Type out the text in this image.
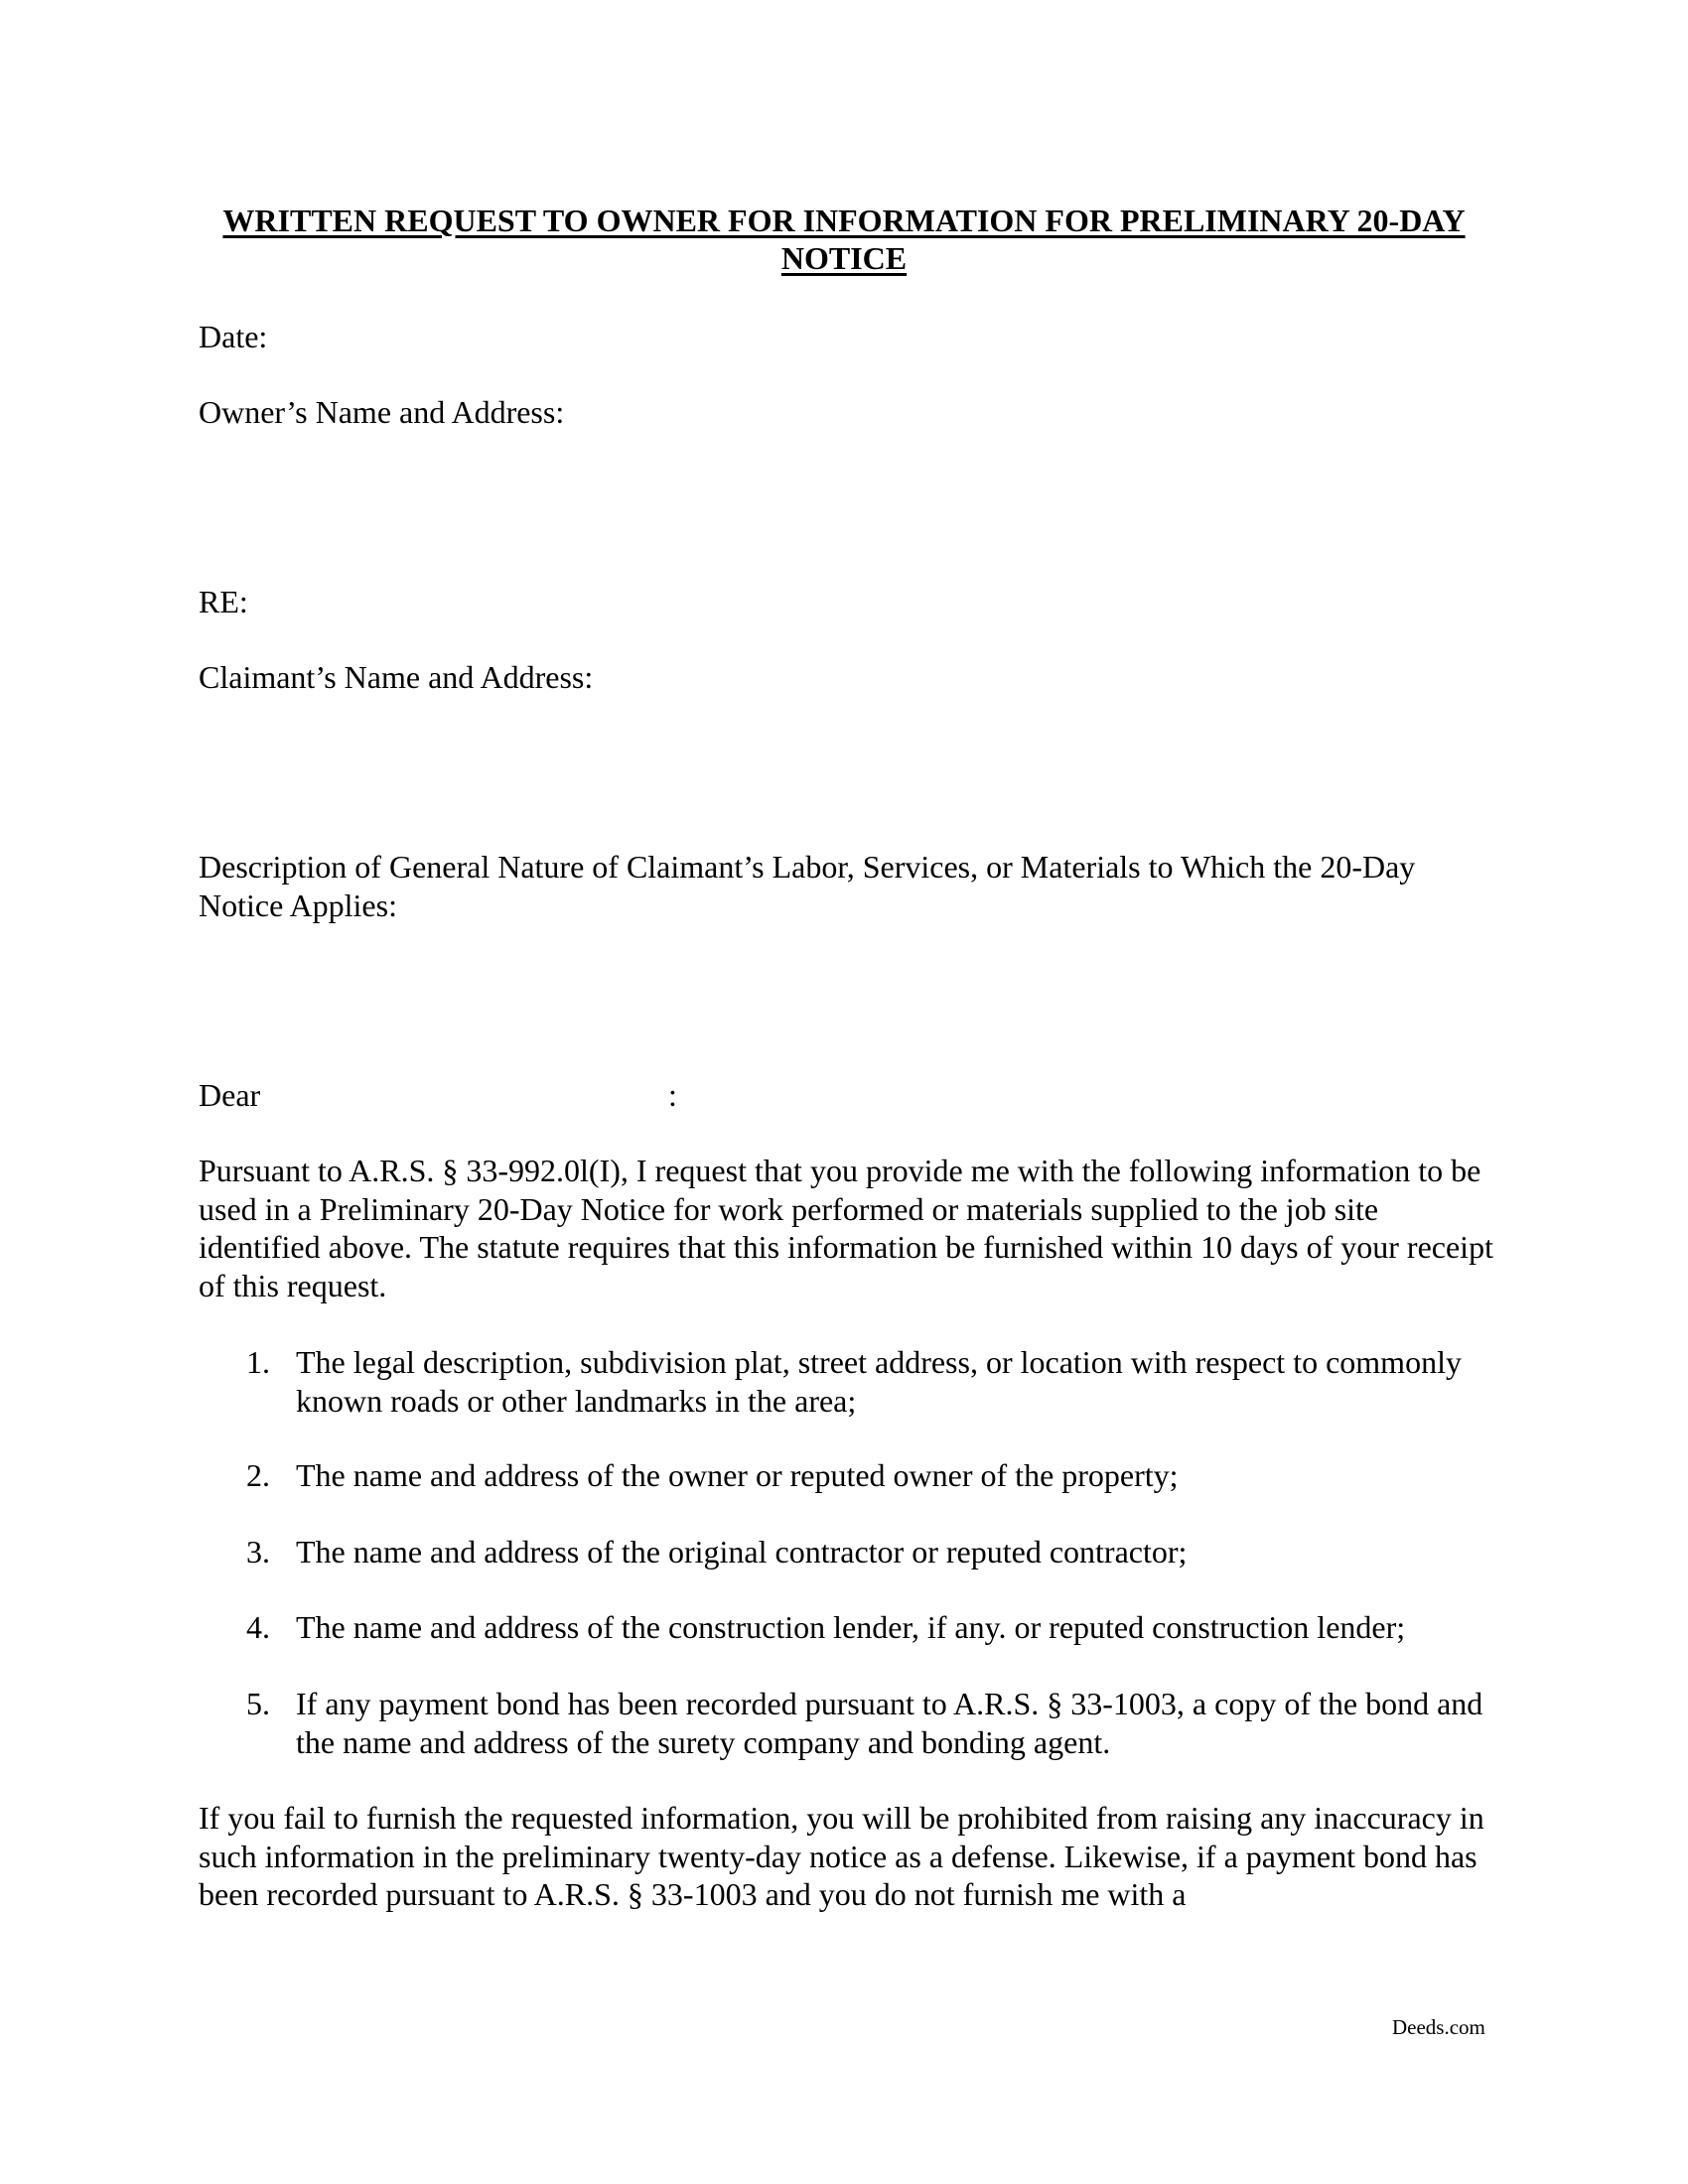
WRITTEN REQUEST TO OWNER FOR INFORMATION FOR PRELIMINARY 20-DAY NOTICE
Date:
Owner’s Name and Address:
RE:
Claimant’s Name and Address:
Description of General Nature of Claimant’s Labor, Services, or Materials to Which the 20-Day Notice Applies:
Dear	:
Pursuant to A.R.S. § 33-992.0l(I), I request that you provide me with the following information to be used in a Preliminary 20-Day Notice for work performed or materials supplied to the job site identified above. The statute requires that this information be furnished within 10 days of your receipt of this request.
1. The legal description, subdivision plat, street address, or location with respect to commonly known roads or other landmarks in the area;
2. The name and address of the owner or reputed owner of the property;
3. The name and address of the original contractor or reputed contractor;
4. The name and address of the construction lender, if any. or reputed construction lender;
5. If any payment bond has been recorded pursuant to A.R.S. § 33-1003, a copy of the bond and the name and address of the surety company and bonding agent.
If you fail to furnish the requested information, you will be prohibited from raising any inaccuracy in such information in the preliminary twenty-day notice as a defense. Likewise, if a payment bond has been recorded pursuant to A.R.S. § 33-1003 and you do not furnish me with a
Deeds.com
